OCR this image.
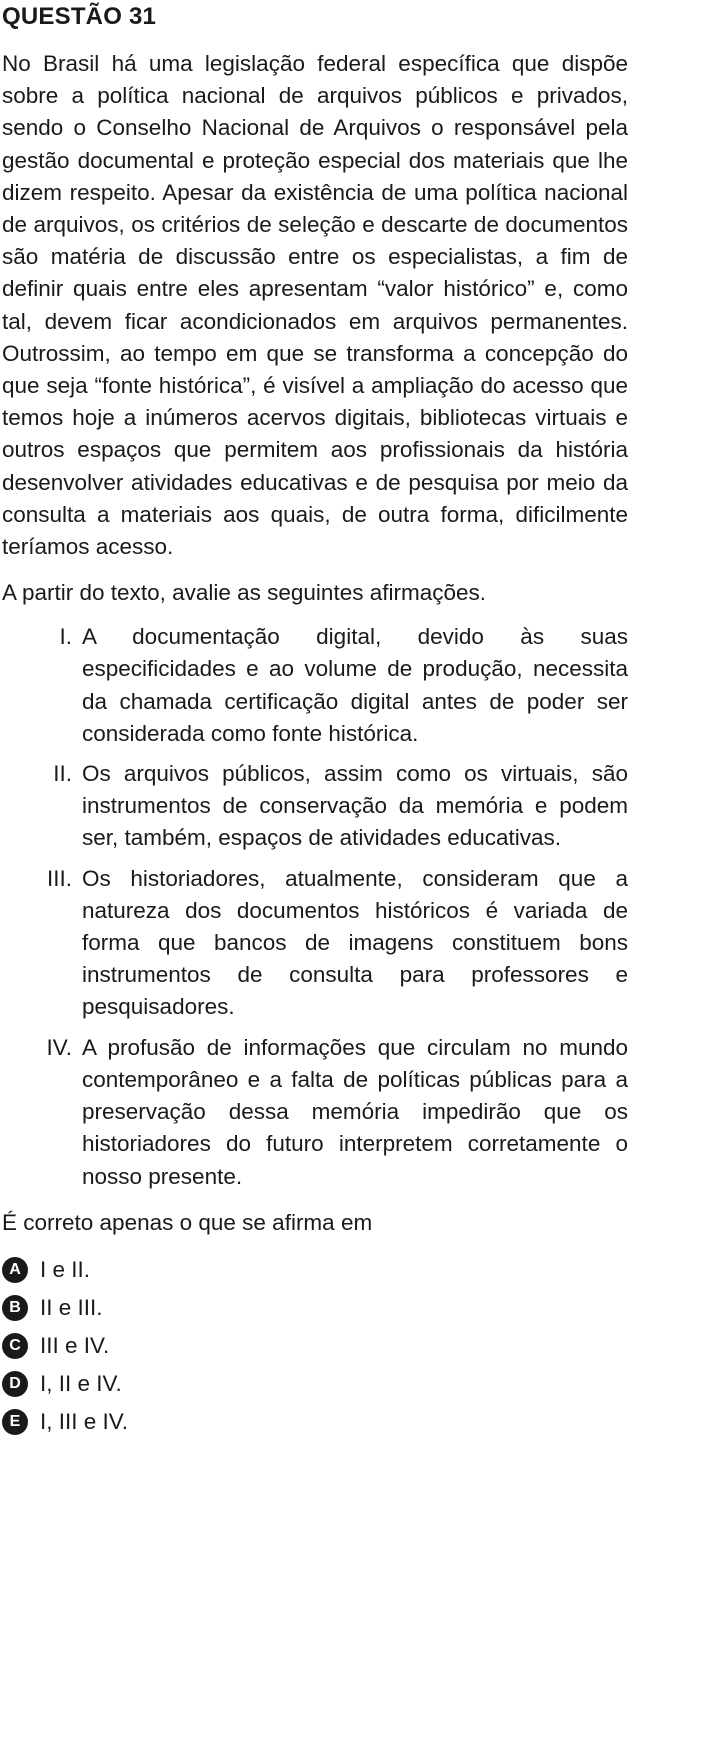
QUESTÃO 31

No Brasil há uma legislação federal específica que dispõe sobre a política nacional de arquivos públicos e privados, sendo o Conselho Nacional de Arquivos o responsável pela gestão documental e proteção especial dos materiais que lhe dizem respeito. Apesar da existência de uma política nacional de arquivos, os critérios de seleção e descarte de documentos são matéria de discussão entre os especialistas, a fim de definir quais entre eles apresentam “valor histórico” e, como tal, devem ficar acondicionados em arquivos permanentes. Outrossim, ao tempo em que se transforma a concepção do que seja “fonte histórica”, é visível a ampliação do acesso que temos hoje a inúmeros acervos digitais, bibliotecas virtuais e outros espaços que permitem aos profissionais da história desenvolver atividades educativas e de pesquisa por meio da consulta a materiais aos quais, de outra forma, dificilmente teríamos acesso.

A partir do texto, avalie as seguintes afirmações.

I. A documentação digital, devido às suas especificidades e ao volume de produção, necessita da chamada certificação digital antes de poder ser considerada como fonte histórica.
II. Os arquivos públicos, assim como os virtuais, são instrumentos de conservação da memória e podem ser, também, espaços de atividades educativas.
III. Os historiadores, atualmente, consideram que a natureza dos documentos históricos é variada de forma que bancos de imagens constituem bons instrumentos de consulta para professores e pesquisadores.
IV. A profusão de informações que circulam no mundo contemporâneo e a falta de políticas públicas para a preservação dessa memória impedirão que os historiadores do futuro interpretem corretamente o nosso presente.

É correto apenas o que se afirma em

A I e II.
B II e III.
C III e IV.
D I, II e IV.
E I, III e IV.
